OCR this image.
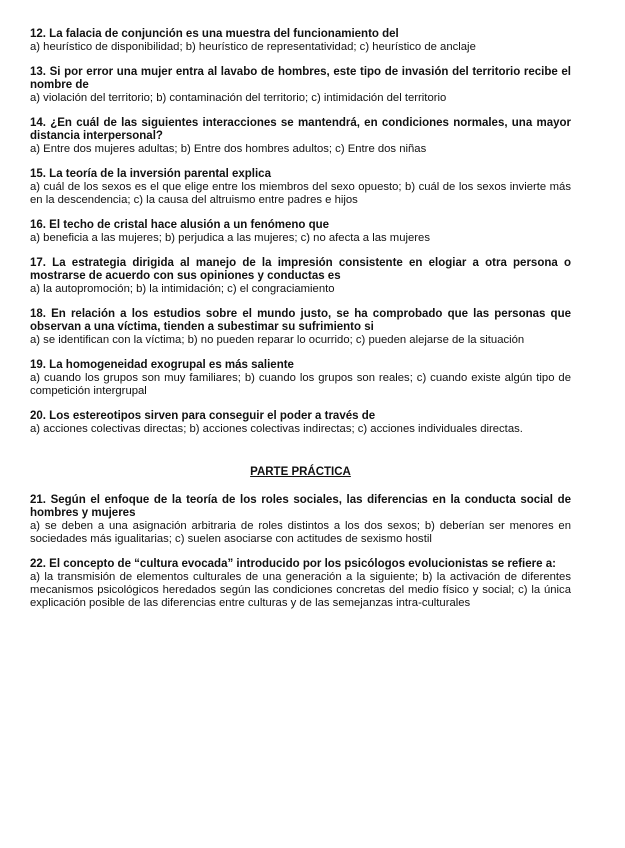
12. La falacia de conjunción es una muestra del funcionamiento del
a) heurístico de disponibilidad; b) heurístico de representatividad; c) heurístico de anclaje
13. Si por error una mujer entra al lavabo de hombres, este tipo de invasión del territorio recibe el nombre de
a) violación del territorio; b) contaminación del territorio; c) intimidación del territorio
14. ¿En cuál de las siguientes interacciones se mantendrá, en condiciones normales, una mayor distancia interpersonal?
a) Entre dos mujeres adultas; b) Entre dos hombres adultos; c) Entre dos niñas
15. La teoría de la inversión parental explica
a) cuál de los sexos es el que elige entre los miembros del sexo opuesto; b) cuál de los sexos invierte más en la descendencia; c) la causa del altruismo entre padres e hijos
16. El techo de cristal hace alusión a un fenómeno que
a) beneficia a las mujeres; b) perjudica a las mujeres; c) no afecta a las mujeres
17. La estrategia dirigida al manejo de la impresión consistente en elogiar a otra persona o mostrarse de acuerdo con sus opiniones y conductas es
a) la autopromoción; b) la intimidación; c) el congraciamiento
18. En relación a los estudios sobre el mundo justo, se ha comprobado que las personas que observan a una víctima, tienden a subestimar su sufrimiento si
a) se identifican con la víctima; b) no pueden reparar lo ocurrido; c) pueden alejarse de la situación
19. La homogeneidad exogrupal es más saliente
a) cuando los grupos son muy familiares; b) cuando los grupos son reales; c) cuando existe algún tipo de competición intergrupal
20. Los estereotipos sirven para conseguir el poder a través de
a) acciones colectivas directas; b) acciones colectivas indirectas; c) acciones individuales directas.
PARTE PRÁCTICA
21. Según el enfoque de la teoría de los roles sociales, las diferencias en la conducta social de hombres y mujeres
a) se deben a una asignación arbitraria de roles distintos a los dos sexos; b) deberían ser menores en sociedades más igualitarias; c) suelen asociarse con actitudes de sexismo hostil
22. El concepto de “cultura evocada” introducido por los psicólogos evolucionistas se refiere a:
a) la transmisión de elementos culturales de una generación a la siguiente; b) la activación de diferentes mecanismos psicológicos heredados según las condiciones concretas del medio físico y social; c) la única explicación posible de las diferencias entre culturas y de las semejanzas intra-culturales
